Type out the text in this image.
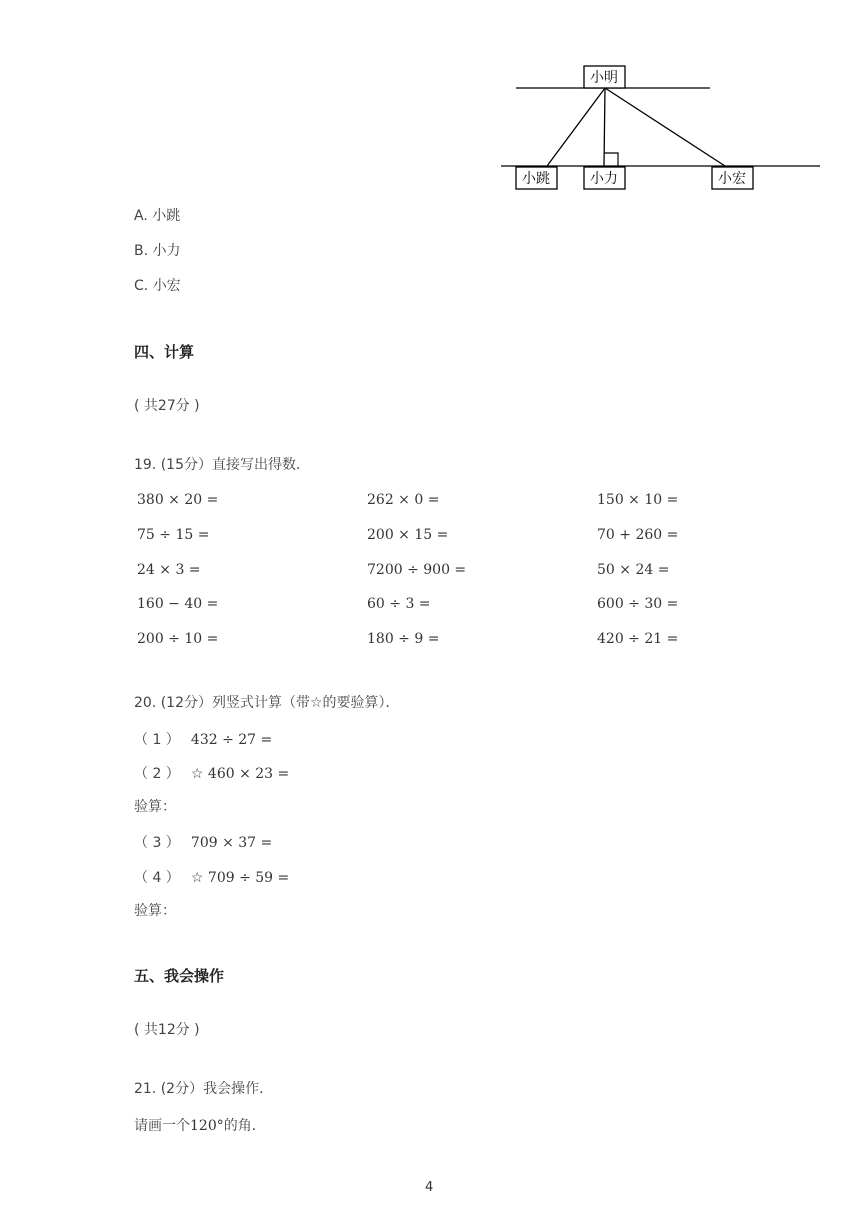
小明
小跳	小力	小宏
A. 小跳
B. 小力
C. 小宏
四、计算
( 共27分 )
19. (15分）直接写出得数．
380 × 20 =	262 × 0 =	150 × 10 =
75 ÷ 15 =	200 × 15 =	70 + 260 =
24 × 3 =	7200 ÷ 900 =	50 × 24 =
160 − 40 =	60 ÷ 3 =	600 ÷ 30 =
200 ÷ 10 =	180 ÷ 9 =	420 ÷ 21 =
20. (12分）列竖式计算（带☆的要验算）．
（ 1 ） 432 ÷ 27 =
（ 2 ） ☆ 460 × 23 =
验算：
（ 3 ） 709 × 37 =
（ 4 ） ☆ 709 ÷ 59 =
验算：
五、我会操作
( 共12分 )
21. (2分）我会操作．
请画一个120°的角．
4
